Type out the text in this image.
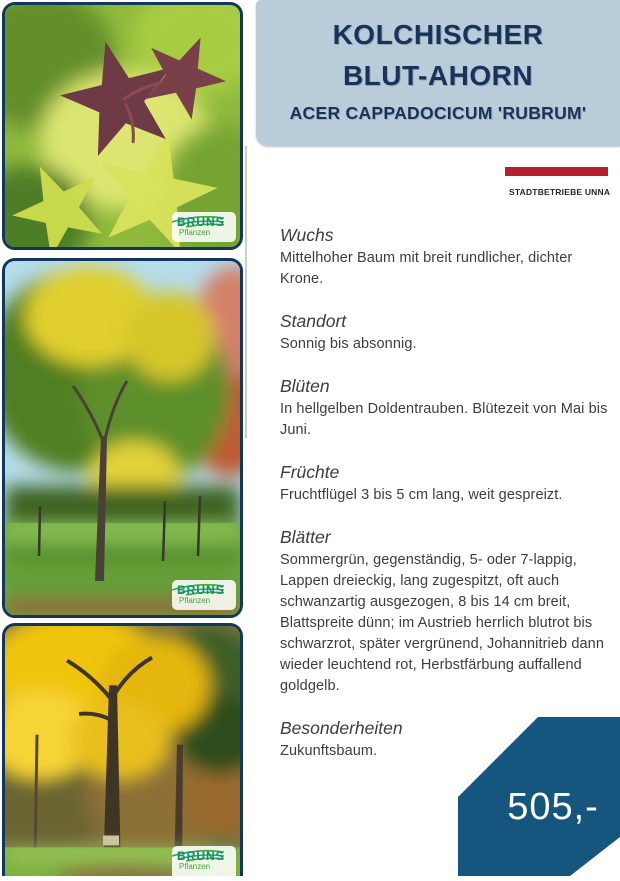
BRUNS
Pflanzen
BRUNS
Pflanzen
BRUNS
Pflanzen
KOLCHISCHER
BLUT-AHORN
ACER CAPPADOCICUM 'RUBRUM'
STADTBETRIEBE UNNA
Wuchs
Mittelhoher Baum mit breit rundlicher, dichter Krone.
Standort
Sonnig bis absonnig.
Blüten
In hellgelben Doldentrauben. Blütezeit von Mai bis Juni.
Früchte
Fruchtflügel 3 bis 5 cm lang, weit gespreizt.
Blätter
Sommergrün, gegenständig, 5- oder 7-lappig, Lappen dreieckig, lang zugespitzt, oft auch schwanzartig ausgezogen, 8 bis 14 cm breit, Blattspreite dünn; im Austrieb herrlich blutrot bis schwarzrot, später vergrünend, Johannitrieb dann wieder leuchtend rot, Herbstfärbung auffallend goldgelb.
Besonderheiten
Zukunftsbaum.
505,-
